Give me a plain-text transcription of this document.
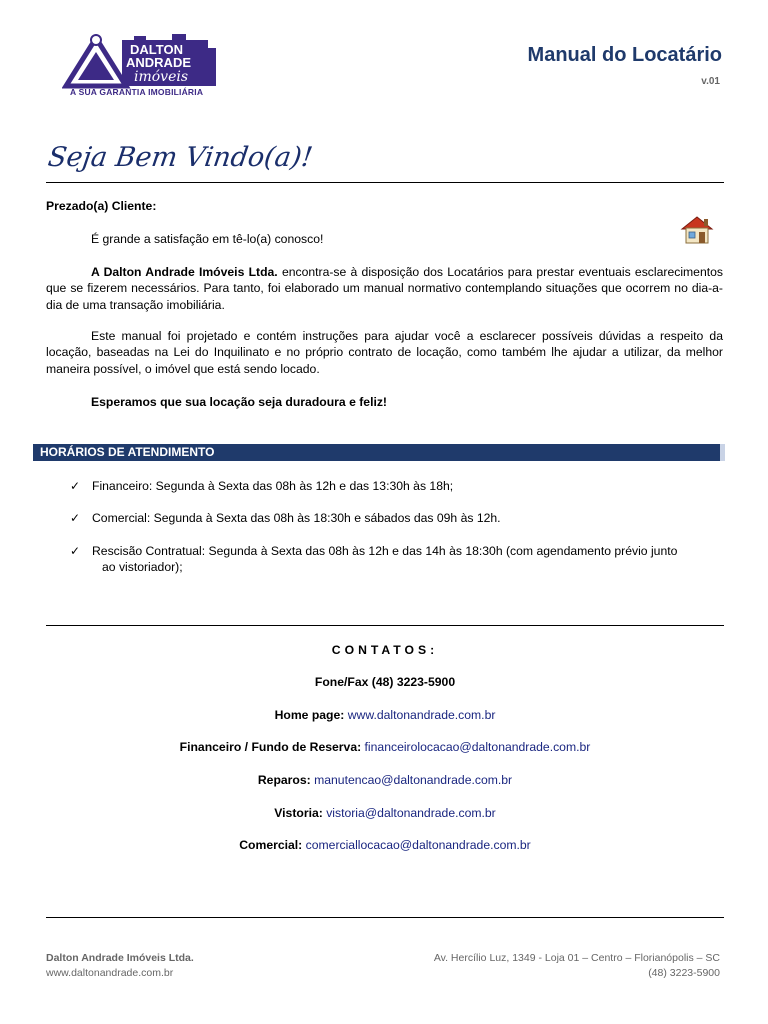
DALTON
ANDRADE
imóveis
A SUA GARANTIA IMOBILIÁRIA
Manual do Locatário
v.01
Seja Bem Vindo(a)!
Prezado(a) Cliente:
É grande a satisfação em tê-lo(a) conosco!
A Dalton Andrade Imóveis Ltda. encontra-se à disposição dos Locatários para prestar eventuais esclarecimentos que se fizerem necessários. Para tanto, foi elaborado um manual normativo contemplando situações que ocorrem no dia-a-dia de uma transação imobiliária.
Este manual foi projetado e contém instruções para ajudar você a esclarecer possíveis dúvidas a respeito da locação, baseadas na Lei do Inquilinato e no próprio contrato de locação, como também lhe ajudar a utilizar, da melhor maneira possível, o imóvel que está sendo locado.
Esperamos que sua locação seja duradoura e feliz!
HORÁRIOS DE ATENDIMENTO
✓ Financeiro: Segunda à Sexta das 08h às 12h e das 13:30h às 18h;
✓ Comercial: Segunda à Sexta das 08h às 18:30h e sábados das 09h às 12h.
✓ Rescisão Contratual: Segunda à Sexta das 08h às 12h e das 14h às 18:30h (com agendamento prévio junto
ao vistoriador);
CONTATOS:
Fone/Fax (48) 3223-5900
Home page: www.daltonandrade.com.br
Financeiro / Fundo de Reserva: financeirolocacao@daltonandrade.com.br
Reparos: manutencao@daltonandrade.com.br
Vistoria: vistoria@daltonandrade.com.br
Comercial: comerciallocacao@daltonandrade.com.br
Dalton Andrade Imóveis Ltda.
www.daltonandrade.com.br
Av. Hercílio Luz, 1349 - Loja 01 – Centro – Florianópolis – SC
(48) 3223-5900
